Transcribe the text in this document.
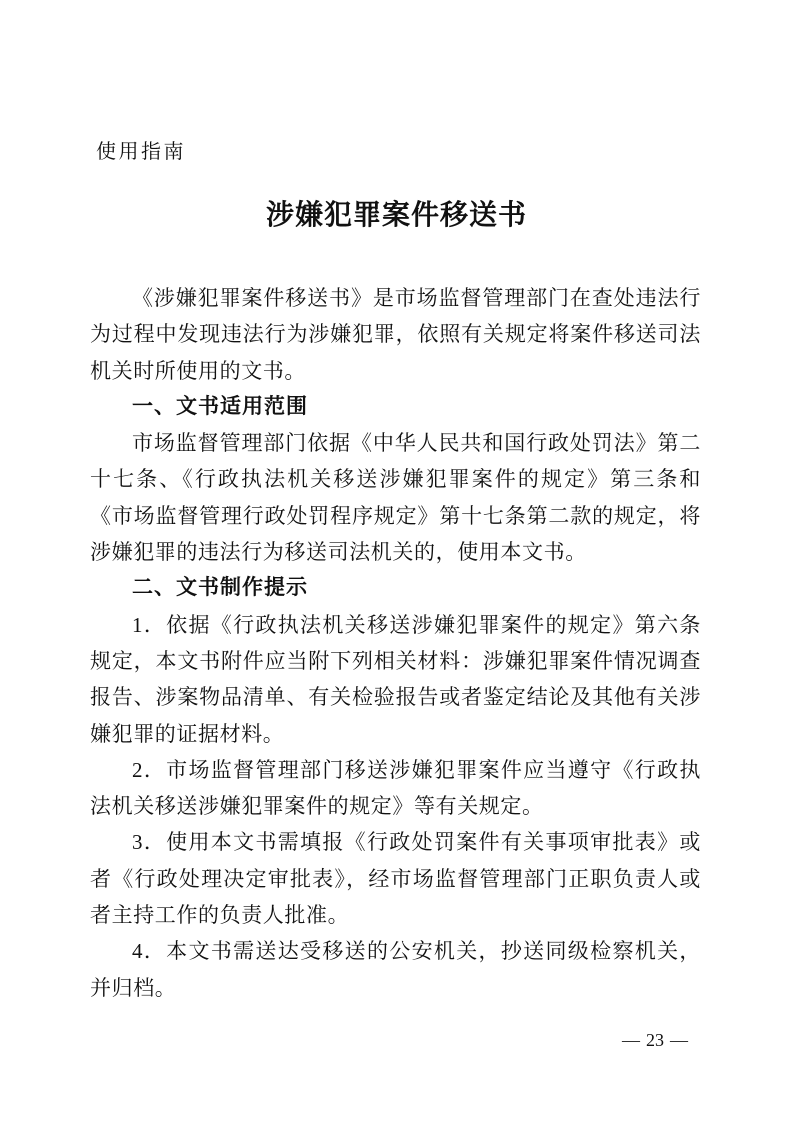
使用指南
涉嫌犯罪案件移送书

《涉嫌犯罪案件移送书》是市场监督管理部门在查处违法行为过程中发现违法行为涉嫌犯罪，依照有关规定将案件移送司法机关时所使用的文书。

一、文书适用范围

市场监督管理部门依据《中华人民共和国行政处罚法》第二十七条、《行政执法机关移送涉嫌犯罪案件的规定》第三条和《市场监督管理行政处罚程序规定》第十七条第二款的规定，将涉嫌犯罪的违法行为移送司法机关的，使用本文书。

二、文书制作提示

1．依据《行政执法机关移送涉嫌犯罪案件的规定》第六条规定，本文书附件应当附下列相关材料：涉嫌犯罪案件情况调查报告、涉案物品清单、有关检验报告或者鉴定结论及其他有关涉嫌犯罪的证据材料。

2．市场监督管理部门移送涉嫌犯罪案件应当遵守《行政执法机关移送涉嫌犯罪案件的规定》等有关规定。

3．使用本文书需填报《行政处罚案件有关事项审批表》或者《行政处理决定审批表》，经市场监督管理部门正职负责人或者主持工作的负责人批准。

4．本文书需送达受移送的公安机关，抄送同级检察机关，并归档。

— 23 —
